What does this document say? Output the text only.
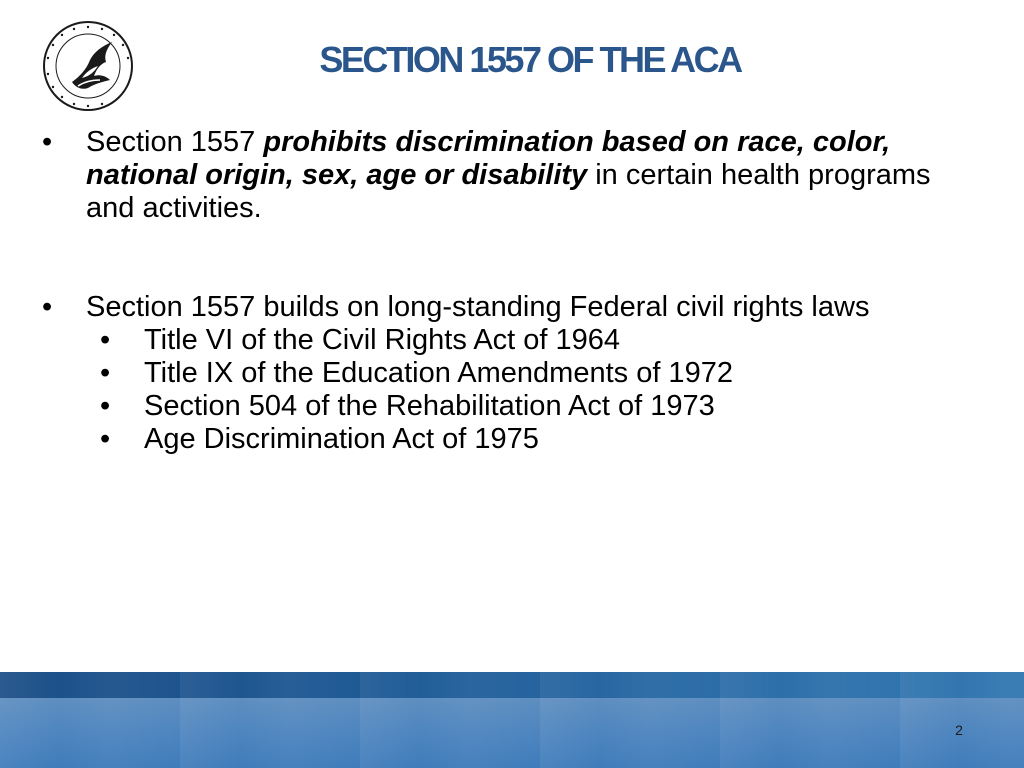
SECTION 1557 OF THE ACA
• Section 1557 prohibits discrimination based on race, color, national origin, sex, age or disability in certain health programs and activities.
• Section 1557 builds on long-standing Federal civil rights laws
• Title VI of the Civil Rights Act of 1964
• Title IX of the Education Amendments of 1972
• Section 504 of the Rehabilitation Act of 1973
• Age Discrimination Act of 1975
2
